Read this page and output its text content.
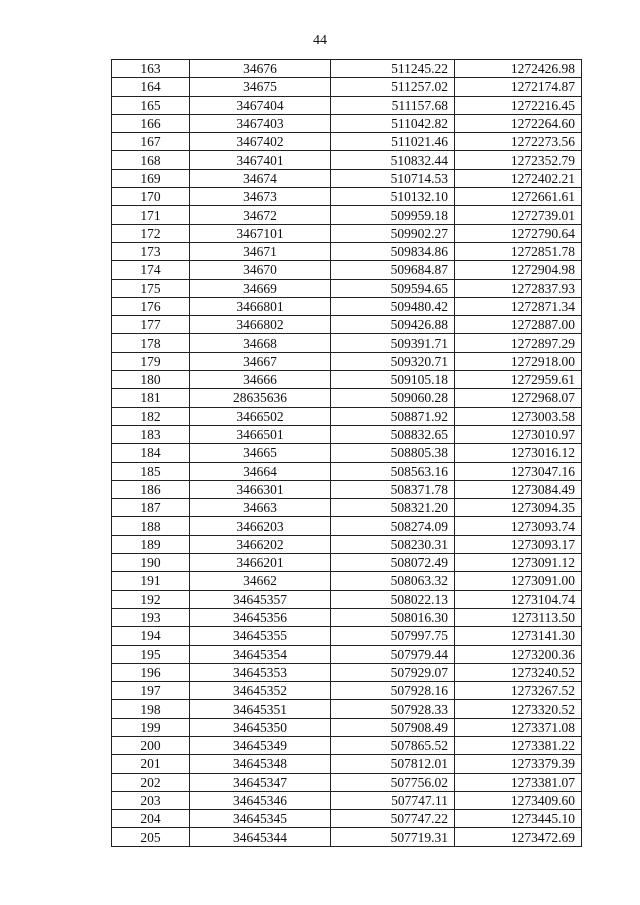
44
163	34676	511245.22	1272426.98
164	34675	511257.02	1272174.87
165	3467404	511157.68	1272216.45
166	3467403	511042.82	1272264.60
167	3467402	511021.46	1272273.56
168	3467401	510832.44	1272352.79
169	34674	510714.53	1272402.21
170	34673	510132.10	1272661.61
171	34672	509959.18	1272739.01
172	3467101	509902.27	1272790.64
173	34671	509834.86	1272851.78
174	34670	509684.87	1272904.98
175	34669	509594.65	1272837.93
176	3466801	509480.42	1272871.34
177	3466802	509426.88	1272887.00
178	34668	509391.71	1272897.29
179	34667	509320.71	1272918.00
180	34666	509105.18	1272959.61
181	28635636	509060.28	1272968.07
182	3466502	508871.92	1273003.58
183	3466501	508832.65	1273010.97
184	34665	508805.38	1273016.12
185	34664	508563.16	1273047.16
186	3466301	508371.78	1273084.49
187	34663	508321.20	1273094.35
188	3466203	508274.09	1273093.74
189	3466202	508230.31	1273093.17
190	3466201	508072.49	1273091.12
191	34662	508063.32	1273091.00
192	34645357	508022.13	1273104.74
193	34645356	508016.30	1273113.50
194	34645355	507997.75	1273141.30
195	34645354	507979.44	1273200.36
196	34645353	507929.07	1273240.52
197	34645352	507928.16	1273267.52
198	34645351	507928.33	1273320.52
199	34645350	507908.49	1273371.08
200	34645349	507865.52	1273381.22
201	34645348	507812.01	1273379.39
202	34645347	507756.02	1273381.07
203	34645346	507747.11	1273409.60
204	34645345	507747.22	1273445.10
205	34645344	507719.31	1273472.69
